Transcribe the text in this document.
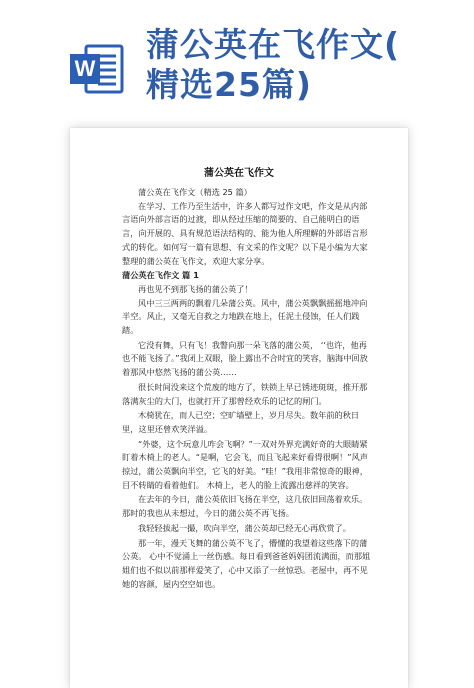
W
蒲公英在飞作文(
精选25篇)
蒲公英在飞作文

蒲公英在飞作文（精选 25 篇）

在学习、工作乃至生活中，许多人都写过作文吧，作文是从内部言语向外部言语的过渡，即从经过压缩的简要的、自己能明白的语言，向开展的、具有规范语法结构的、能为他人所理解的外部语言形式的转化。如何写一篇有思想、有文采的作文呢？以下是小编为大家整理的蒲公英在飞作文，欢迎大家分享。

蒲公英在飞作文 篇 1

再也见不到那飞扬的蒲公英了！

风中三三两两的飘着几朵蒲公英。风中，蒲公英飘飘摇摇地冲向半空。风止，又毫无自救之力地跌在地上，任泥土侵蚀，任人们践踏。

它没有舞，只有飞！我瞥向那一朵飞落的蒲公英， ‘‘也许，他再也不能飞扬了。”我闭上双眼，脸上露出不合时宜的笑容，脑海中回放着那风中悠然飞扬的蒲公英……

很长时间没来这个荒废的地方了，铁锁上早已锈迹斑斑，推开那落满灰尘的大门，也就打开了那曾经欢乐的记忆的闸门。

木椅犹在，而人已空；空旷墙壁上，岁月尽失。数年前的秋日里，这里还曾欢笑洋溢。

“外婆，这个玩意儿咋会飞啊？”一双对外界充满好奇的大眼睛紧盯着木椅上的老人。“是啊，它会飞，而且飞起来好看得很啊！”风声掠过，蒲公英飘向半空，它飞的好美。“哇！”我用非常惊奇的眼神，目不转睛的看着他们。 木椅上，老人的脸上流露出慈祥的笑容。

在去年的今日，蒲公英依旧飞扬在半空，这几依旧回荡着欢乐。那时的我也从未想过，今日的蒲公英不再飞扬。

我轻轻拔起一撮，吹向半空，蒲公英却已经无心再欣赏了。

那一年，漫天飞舞的蒲公英不飞了，懵懂的我望着这些落下的蒲公英。 心中不觉涌上一丝伤感。每日看到爸爸妈妈团流满面，而那姐姐们也不似以前那样爱笑了，心中又添了一丝惊恐。老屋中，再不见她的容颜，屋内空空如也。
